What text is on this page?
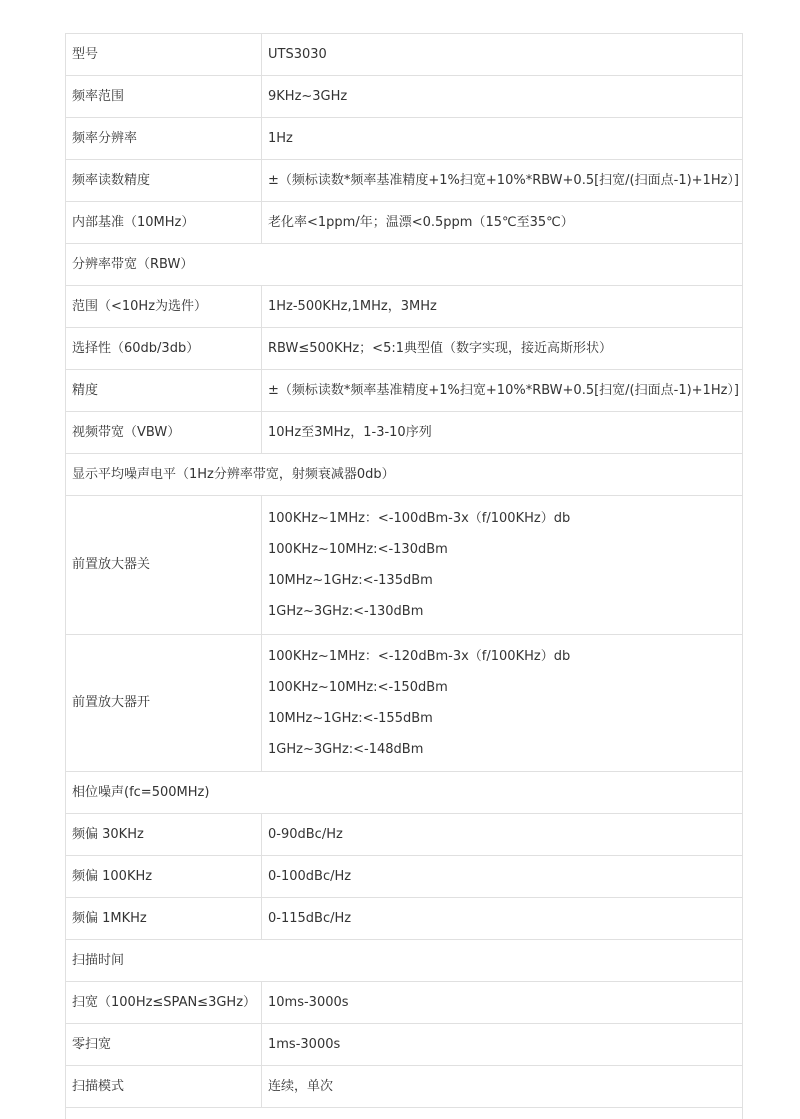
型号	UTS3030
频率范围	9KHz~3GHz
频率分辨率	1Hz
频率读数精度	±（频标读数*频率基准精度+1%扫宽+10%*RBW+0.5[扫宽/(扫面点-1)+1Hz）]
内部基准（10MHz）	老化率<1ppm/年；温漂<0.5ppm（15℃至35℃）
分辨率带宽（RBW）	
范围（<10Hz为选件）	1Hz-500KHz,1MHz，3MHz
选择性（60db/3db）	RBW≤500KHz；<5:1典型值（数字实现，接近高斯形状）
精度	±（频标读数*频率基准精度+1%扫宽+10%*RBW+0.5[扫宽/(扫面点-1)+1Hz）]
视频带宽（VBW）	10Hz至3MHz，1-3-10序列
显示平均噪声电平（1Hz分辨率带宽，射频衰减器0db）	
前置放大器关	100KHz~1MHz：<-100dBm-3x（f/100KHz）db
100KHz~10MHz:<-130dBm
10MHz~1GHz:<-135dBm
1GHz~3GHz:<-130dBm

前置放大器开	100KHz~1MHz：<-120dBm-3x（f/100KHz）db
100KHz~10MHz:<-150dBm
10MHz~1GHz:<-155dBm
1GHz~3GHz:<-148dBm

相位噪声(fc=500MHz)	
频偏 30KHz	0-90dBc/Hz
频偏 100KHz	0-100dBc/Hz
频偏 1MKHz	0-115dBc/Hz
扫描时间	
扫宽（100Hz≤SPAN≤3GHz）	10ms-3000s
零扫宽	1ms-3000s
扫描模式	连续，单次
